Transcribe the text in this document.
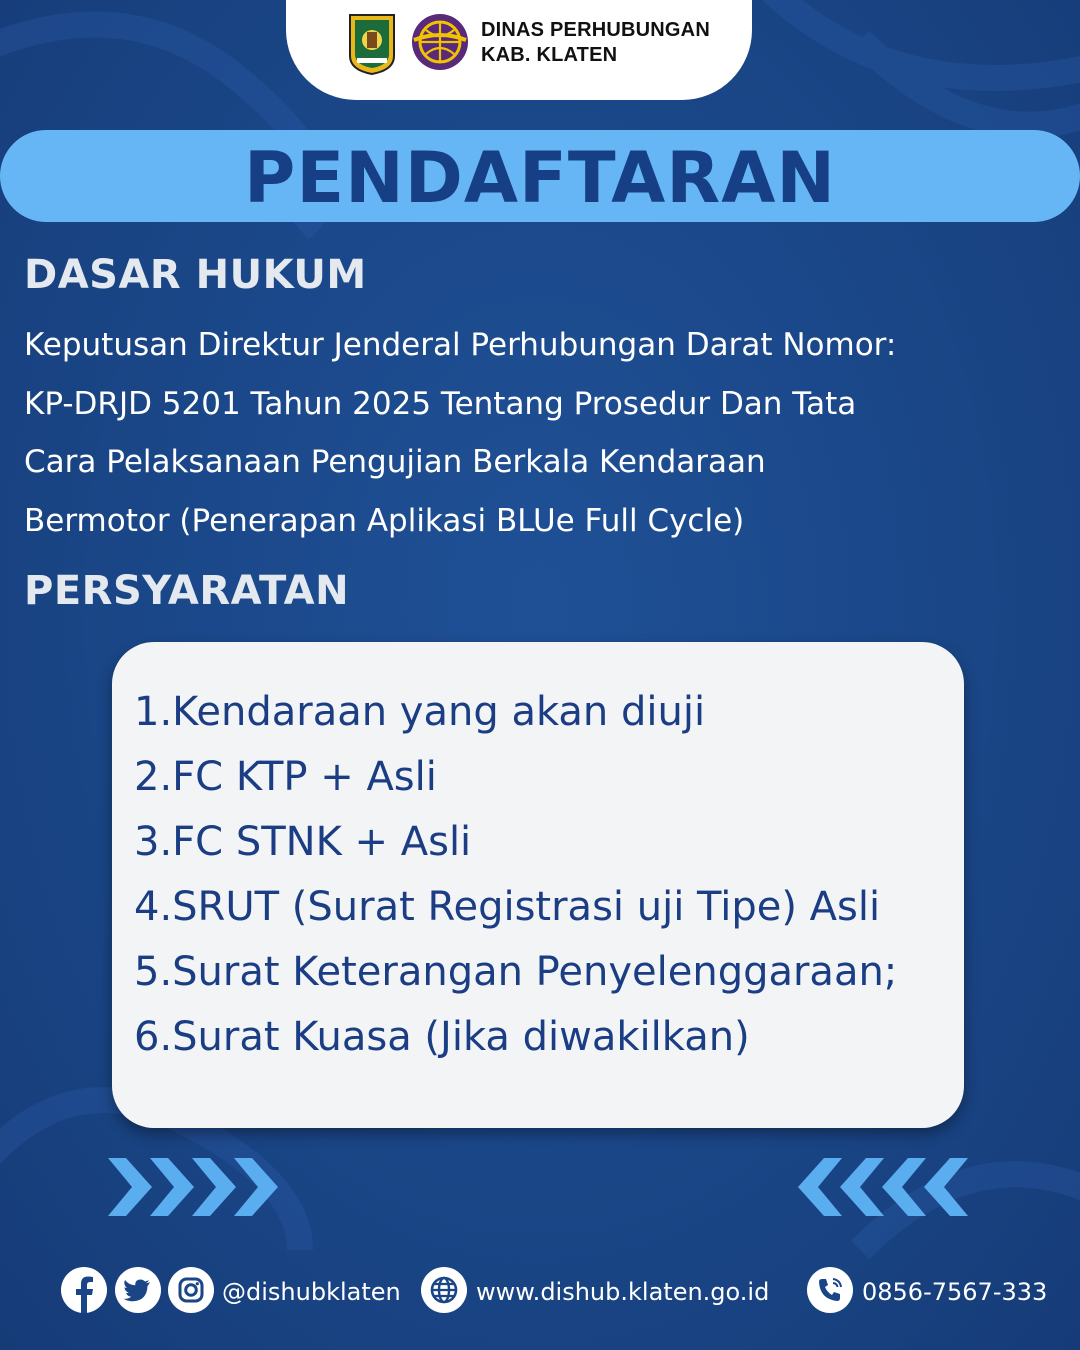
DINAS PERHUBUNGAN
KAB. KLATEN
PENDAFTARAN
DASAR HUKUM
Keputusan Direktur Jenderal Perhubungan Darat Nomor:
KP-DRJD 5201 Tahun 2025 Tentang Prosedur Dan Tata
Cara Pelaksanaan Pengujian Berkala Kendaraan
Bermotor (Penerapan Aplikasi BLUe Full Cycle)
PERSYARATAN
1.Kendaraan yang akan diuji
2.FC KTP + Asli
3.FC STNK + Asli
4.SRUT (Surat Registrasi uji Tipe) Asli
5.Surat Keterangan Penyelenggaraan;
6.Surat Kuasa (Jika diwakilkan)
@dishubklaten	www.dishub.klaten.go.id	0856-7567-333
